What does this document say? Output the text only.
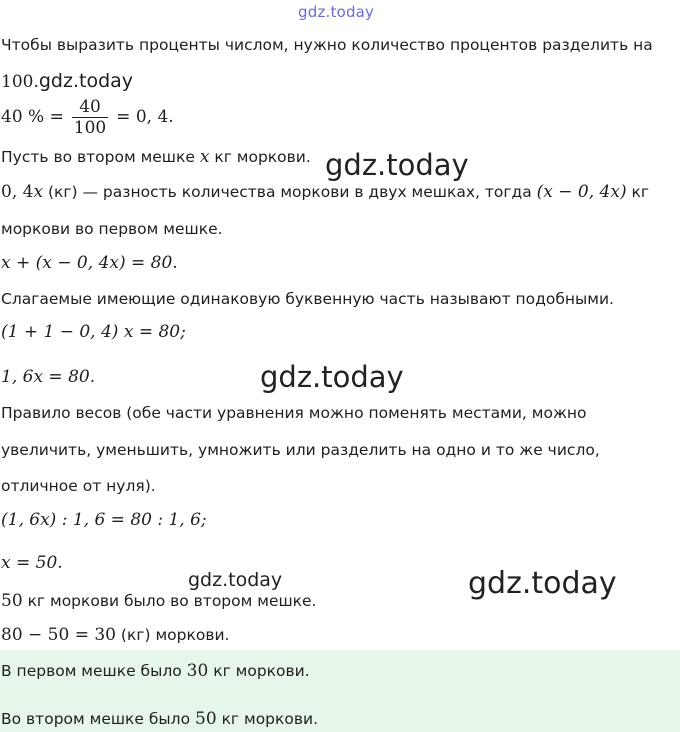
gdz.today
gdz.today
gdz.today
gdz.today	gdz.today
Чтобы выразить проценты числом, нужно количество процентов разделить на
100.gdz.today
40 % = $\frac{40}{100} = 0$, 4.
Пусть во втором мешке x кг моркови.
0, 4x (кг) — разность количества моркови в двух мешках, тогда (x − 0, 4x) кг
моркови во первом мешке.
x + (x − 0, 4x) = 80.
Слагаемые имеющие одинаковую буквенную часть называют подобными.
(1 + 1 − 0, 4) x = 80;
1, 6x = 80.
Правило весов (обе части уравнения можно поменять местами, можно
увеличить, уменьшить, умножить или разделить на одно и то же число,
отличное от нуля).
(1, 6x) : 1, 6 = 80 : 1, 6;
x = 50.
50 кг моркови было во втором мешке.
80 − 50 = 30 (кг) моркови.
В первом мешке было 30 кг моркови.
Во втором мешке было 50 кг моркови.
